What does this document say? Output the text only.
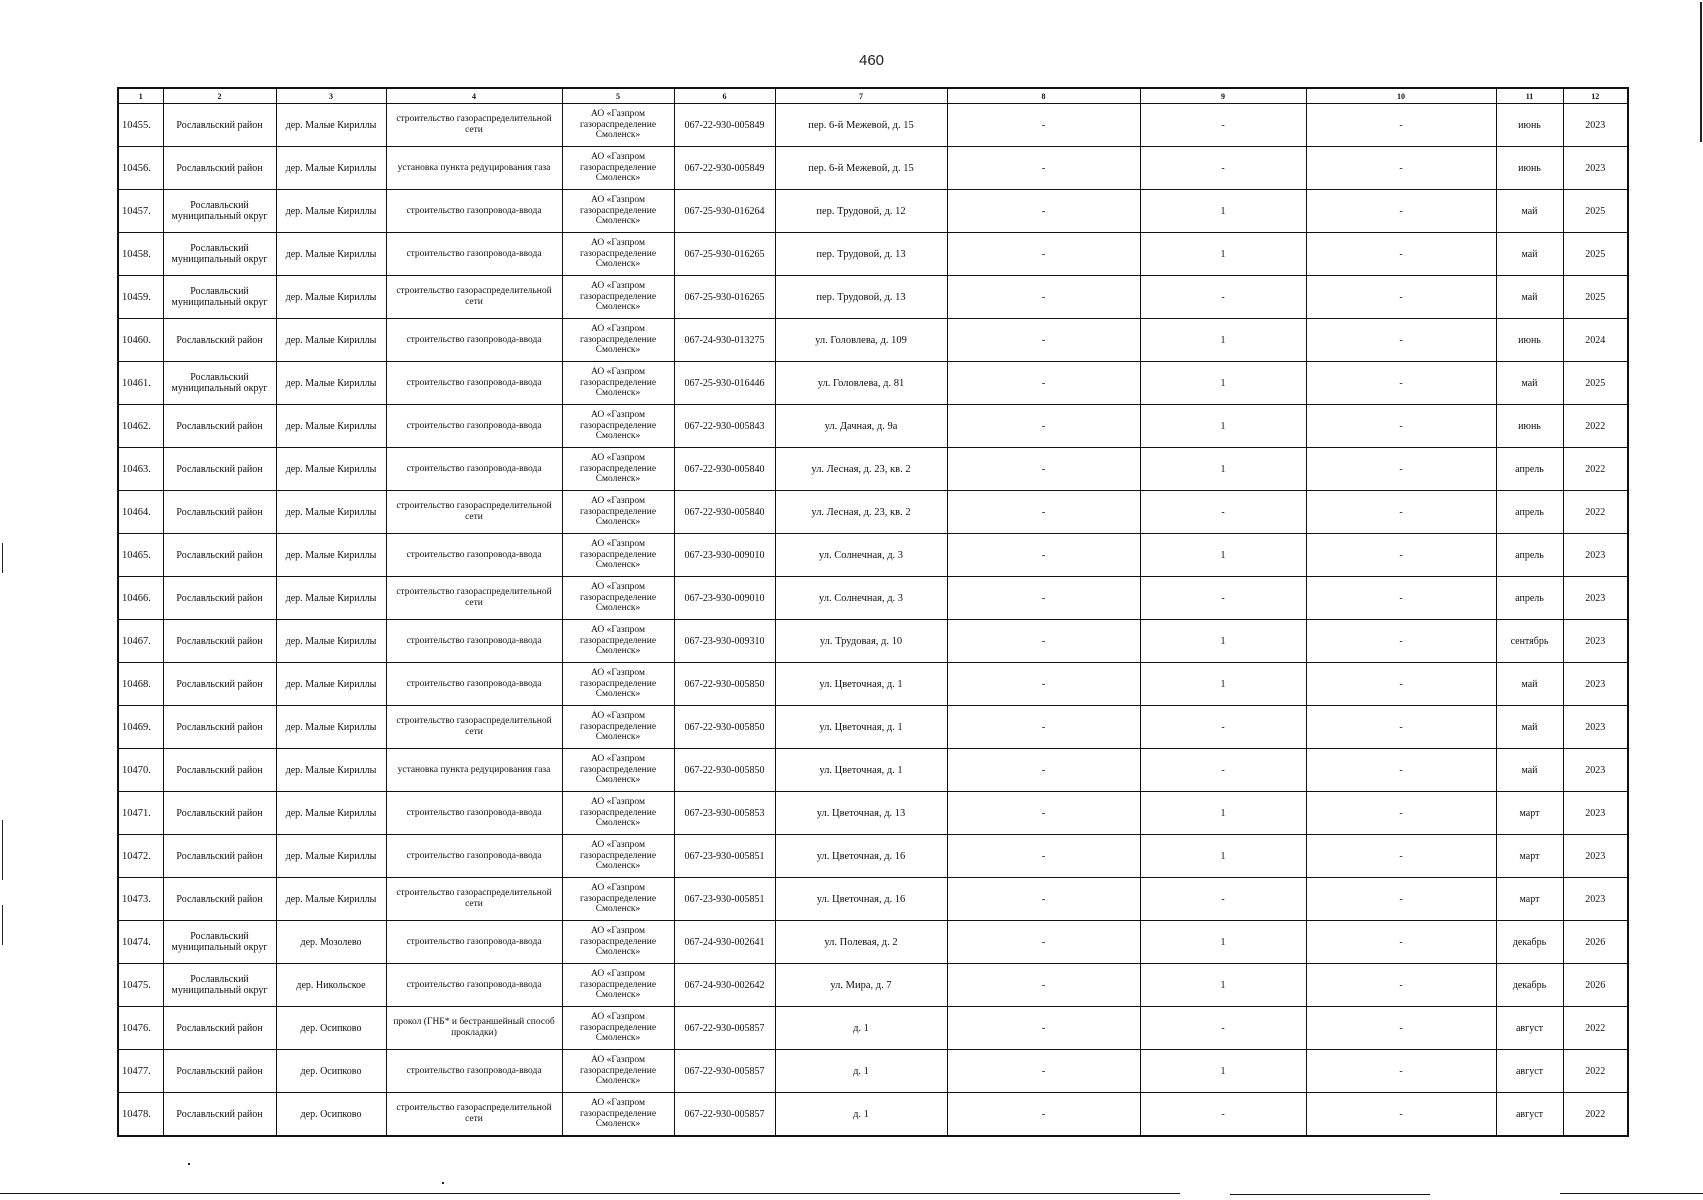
460
1	2	3	4	5	6	7	8	9	10	11	12
10455.	Рославльский район	дер. Малые Кириллы	строительство газораспределительной сети	АО «Газпром газораспределение Смоленск»	067-22-930-005849	пер. 6-й Межевой, д. 15	-	-	-	июнь	2023
10456.	Рославльский район	дер. Малые Кириллы	установка пункта редуцирования газа	АО «Газпром газораспределение Смоленск»	067-22-930-005849	пер. 6-й Межевой, д. 15	-	-	-	июнь	2023
10457.	Рославльский муниципальный округ	дер. Малые Кириллы	строительство газопровода-ввода	АО «Газпром газораспределение Смоленск»	067-25-930-016264	пер. Трудовой, д. 12	-	1	-	май	2025
10458.	Рославльский муниципальный округ	дер. Малые Кириллы	строительство газопровода-ввода	АО «Газпром газораспределение Смоленск»	067-25-930-016265	пер. Трудовой, д. 13	-	1	-	май	2025
10459.	Рославльский муниципальный округ	дер. Малые Кириллы	строительство газораспределительной сети	АО «Газпром газораспределение Смоленск»	067-25-930-016265	пер. Трудовой, д. 13	-	-	-	май	2025
10460.	Рославльский район	дер. Малые Кириллы	строительство газопровода-ввода	АО «Газпром газораспределение Смоленск»	067-24-930-013275	ул. Головлева, д. 109	-	1	-	июнь	2024
10461.	Рославльский муниципальный округ	дер. Малые Кириллы	строительство газопровода-ввода	АО «Газпром газораспределение Смоленск»	067-25-930-016446	ул. Головлева, д. 81	-	1	-	май	2025
10462.	Рославльский район	дер. Малые Кириллы	строительство газопровода-ввода	АО «Газпром газораспределение Смоленск»	067-22-930-005843	ул. Дачная, д. 9а	-	1	-	июнь	2022
10463.	Рославльский район	дер. Малые Кириллы	строительство газопровода-ввода	АО «Газпром газораспределение Смоленск»	067-22-930-005840	ул. Лесная, д. 23, кв. 2	-	1	-	апрель	2022
10464.	Рославльский район	дер. Малые Кириллы	строительство газораспределительной сети	АО «Газпром газораспределение Смоленск»	067-22-930-005840	ул. Лесная, д. 23, кв. 2	-	-	-	апрель	2022
10465.	Рославльский район	дер. Малые Кириллы	строительство газопровода-ввода	АО «Газпром газораспределение Смоленск»	067-23-930-009010	ул. Солнечная, д. 3	-	1	-	апрель	2023
10466.	Рославльский район	дер. Малые Кириллы	строительство газораспределительной сети	АО «Газпром газораспределение Смоленск»	067-23-930-009010	ул. Солнечная, д. 3	-	-	-	апрель	2023
10467.	Рославльский район	дер. Малые Кириллы	строительство газопровода-ввода	АО «Газпром газораспределение Смоленск»	067-23-930-009310	ул. Трудовая, д. 10	-	1	-	сентябрь	2023
10468.	Рославльский район	дер. Малые Кириллы	строительство газопровода-ввода	АО «Газпром газораспределение Смоленск»	067-22-930-005850	ул. Цветочная, д. 1	-	1	-	май	2023
10469.	Рославльский район	дер. Малые Кириллы	строительство газораспределительной сети	АО «Газпром газораспределение Смоленск»	067-22-930-005850	ул. Цветочная, д. 1	-	-	-	май	2023
10470.	Рославльский район	дер. Малые Кириллы	установка пункта редуцирования газа	АО «Газпром газораспределение Смоленск»	067-22-930-005850	ул. Цветочная, д. 1	-	-	-	май	2023
10471.	Рославльский район	дер. Малые Кириллы	строительство газопровода-ввода	АО «Газпром газораспределение Смоленск»	067-23-930-005853	ул. Цветочная, д. 13	-	1	-	март	2023
10472.	Рославльский район	дер. Малые Кириллы	строительство газопровода-ввода	АО «Газпром газораспределение Смоленск»	067-23-930-005851	ул. Цветочная, д. 16	-	1	-	март	2023
10473.	Рославльский район	дер. Малые Кириллы	строительство газораспределительной сети	АО «Газпром газораспределение Смоленск»	067-23-930-005851	ул. Цветочная, д. 16	-	-	-	март	2023
10474.	Рославльский муниципальный округ	дер. Мозолево	строительство газопровода-ввода	АО «Газпром газораспределение Смоленск»	067-24-930-002641	ул. Полевая, д. 2	-	1	-	декабрь	2026
10475.	Рославльский муниципальный округ	дер. Никольское	строительство газопровода-ввода	АО «Газпром газораспределение Смоленск»	067-24-930-002642	ул. Мира, д. 7	-	1	-	декабрь	2026
10476.	Рославльский район	дер. Осипково	прокол (ГНБ* и бестраншейный способ прокладки)	АО «Газпром газораспределение Смоленск»	067-22-930-005857	д. 1	-	-	-	август	2022
10477.	Рославльский район	дер. Осипково	строительство газопровода-ввода	АО «Газпром газораспределение Смоленск»	067-22-930-005857	д. 1	-	1	-	август	2022
10478.	Рославльский район	дер. Осипково	строительство газораспределительной сети	АО «Газпром газораспределение Смоленск»	067-22-930-005857	д. 1	-	-	-	август	2022
